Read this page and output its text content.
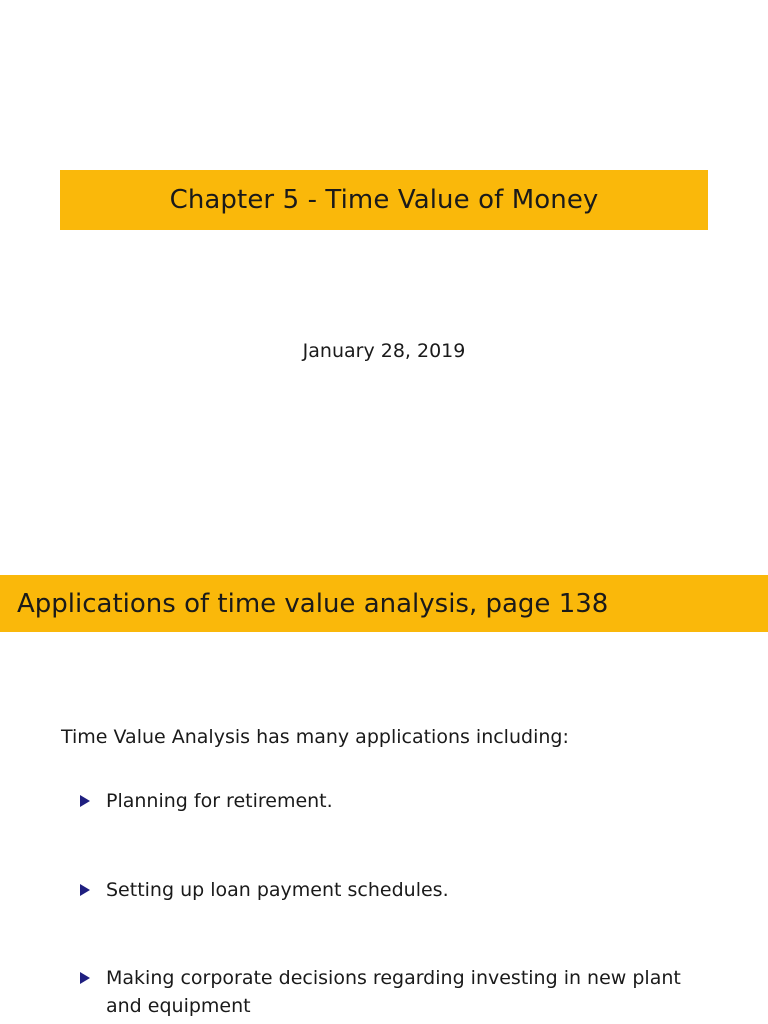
Chapter 5 - Time Value of Money
January 28, 2019
Applications of time value analysis, page 138
Time Value Analysis has many applications including:
Planning for retirement.
Setting up loan payment schedules.
Making corporate decisions regarding investing in new plant and equipment
